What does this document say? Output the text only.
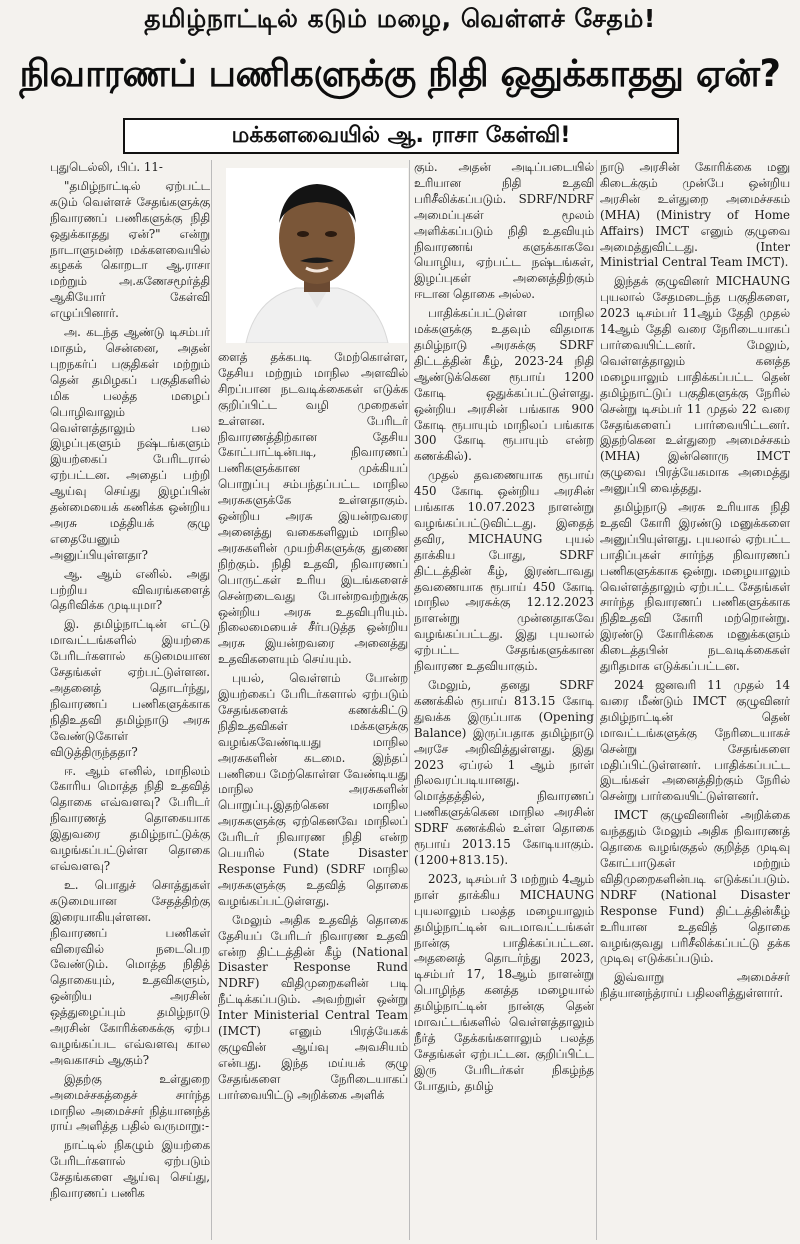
தமிழ்நாட்டில் கடும் மழை, வெள்ளச் சேதம்!
நிவாரணப் பணிகளுக்கு நிதி ஒதுக்காதது ஏன்?
மக்களவையில் ஆ. ராசா கேள்வி!

புதுடெல்லி, பிப். 11-

"தமிழ்நாட்டில் ஏற்பட்ட கடும் வெள்ளச் சேதங்களுக்கு நிவாரணப் பணிகளுக்கு நிதி ஒதுக்காதது ஏன்?" என்று நாடாளுமன்ற மக்களவையில் கழகக் கொறடா ஆ.ராசா மற்றும் அ.கணேசமூர்த்தி ஆகியோர் கேள்வி எழுப்பினார்.

அ. கடந்த ஆண்டு டிசம்பர் மாதம், சென்னை, அதன் புறநகர்ப் பகுதிகள் மற்றும் தென் தமிழகப் பகுதிகளில் மிக பலத்த மழைப் பொழிவாலும் வெள்ளத்தாலும் பல இழப்புகளும் நஷ்டங்களும் இயற்கைப் பேரிடரால் ஏற்பட்டன. அதைப் பற்றி ஆய்வு செய்து இழப்பின் தன்மையைக் கணிக்க ஒன்றிய அரசு மத்தியக் குழு எதையேனும் அனுப்பியுள்ளதா?

ஆ. ஆம் எனில். அது பற்றிய விவரங்களைத் தெரிவிக்க முடியுமா?

இ. தமிழ்நாட்டின் எட்டு மாவட்டங்களில் இயற்கை பேரிடர்களால் கடுமையான சேதங்கள் ஏற்பட்டுள்ளன. அதனைத் தொடர்ந்து, நிவாரணப் பணிகளுக்காக நிதிஉதவி தமிழ்நாடு அரசு வேண்டுகோள் விடுத்திருந்ததா?

ஈ. ஆம் எனில், மாநிலம் கோரிய மொத்த நிதி உதவித் தொகை எவ்வளவு? பேரிடர் நிவாரணத் தொகையாக இதுவரை தமிழ்நாட்டுக்கு வழங்கப்பட்டுள்ள தொகை எவ்வளவு?

உ. பொதுச் சொத்துகள் கடுமையான சேதத்திற்கு இரையாகியுள்ளன. நிவாரணப் பணிகள் விரைவில் நடைபெற வேண்டும். மொத்த நிதித் தொகையும், உதவிகளும், ஒன்றிய அரசின் ஒத்துழைப்பும் தமிழ்நாடு அரசின் கோரிக்கைக்கு ஏற்ப வழங்கப்பட எவ்வளவு கால அவகாசம் ஆகும்?

இதற்கு உள்துறை அமைச்சகத்தைச் சார்ந்த மாநில அமைச்சர் நித்யானந்த் ராய் அளித்த பதில் வருமாறு:-

நாட்டில் நிகழும் இயற்கை பேரிடர்களால் ஏற்படும் சேதங்களை ஆய்வு செய்து, நிவாரணப் பணிக

ளைத் தக்கபடி மேற்கொள்ள, தேசிய மற்றும் மாநில அளவில் சிறப்பான நடவடிக்கைகள் எடுக்க குறிப்பிட்ட வழி முறைகள் உள்ளன. பேரிடர் நிவாரணத்திற்கான தேசிய கோட்பாட்டின்படி, நிவாரணப் பணிகளுக்கான முக்கியப் பொறுப்பு சம்பந்தப்பட்ட மாநில அரசுகளுக்கே உள்ளதாகும். ஒன்றிய அரசு இயன்றவரை அனைத்து வகைகளிலும் மாநில அரசுகளின் முயற்சிகளுக்கு துணை நிற்கும். நிதி உதவி, நிவாரணப் பொருட்கள் உரிய இடங்களைச் சென்றடைவது போன்றவற்றுக்கு ஒன்றிய அரசு உதவிபுரியும். நிலைமையைச் சீர்படுத்த ஒன்றிய அரசு இயன்றவரை அனைத்து உதவிகளையும் செய்யும்.

புயல், வெள்ளம் போன்ற இயற்கைப் பேரிடர்களால் ஏற்படும் சேதங்களைக் கணக்கிட்டு நிதிஉதவிகள் மக்களுக்கு வழங்கவேண்டியது மாநில அரசுகளின் கடமை. இந்தப் பணியை மேற்கொள்ள வேண்டியது மாநில அரசுகளின் பொறுப்பு.இதற்கென மாநில அரசுகளுக்கு ஏற்கெனவே மாநிலப் பேரிடர் நிவாரண நிதி என்ற பெயரில் (State Disaster Response Fund) (SDRF மாநில அரசுகளுக்கு உதவித் தொகை வழங்கப்பட்டுள்ளது.

மேலும் அதிக உதவித் தொகை தேசியப் பேரிடர் நிவாரண உதவி என்ற திட்டத்தின் கீழ் (National Disaster Response Rund NDRF) விதிமுறைகளின் படி நீட்டிக்கப்படும். அவற்றுள் ஒன்று Inter Ministerial Central Team (IMCT) எனும் பிரத்யேகக் குழுவின் ஆய்வு அவசியம் என்பது. இந்த மய்யக் குழு சேதங்களை நேரிடையாகப் பார்வையிட்டு அறிக்கை அளிக்

கும். அதன் அடிப்படையில் உரியான நிதி உதவி பரிசீலிக்கப்படும். SDRF/NDRF அமைப்புகள் மூலம் அளிக்கப்படும் நிதி உதவியும் நிவாரணங் களுக்காகவே யொழிய, ஏற்பட்ட நஷ்டங்கள், இழப்புகள் அனைத்திற்கும் ஈடான தொகை அல்ல.

பாதிக்கப்பட்டுள்ள மாநில மக்களுக்கு உதவும் விதமாக தமிழ்நாடு அரசுக்கு SDRF திட்டத்தின் கீழ், 2023-24 நிதி ஆண்டுக்கென ரூபாய் 1200 கோடி ஒதுக்கப்பட்டுள்ளது. ஒன்றிய அரசின் பங்காக 900 கோடி ரூபாயும் மாநிலப் பங்காக 300 கோடி ரூபாயும் என்ற கணக்கில்).

முதல் தவணையாக ரூபாய் 450 கோடி ஒன்றிய அரசின் பங்காக 10.07.2023 நாளன்று வழங்கப்பட்டுவிட்டது. இதைத் தவிர, MICHAUNG புயல் தாக்கிய போது, SDRF திட்டத்தின் கீழ், இரண்டாவது தவணையாக ரூபாய் 450 கோடி மாநில அரசுக்கு 12.12.2023 நாளன்று முன்னதாகவே வழங்கப்பட்டது. இது புயலால் ஏற்பட்ட சேதங்களுக்கான நிவாரண உதவியாகும்.

மேலும், தனது SDRF கணக்கில் ரூபாய் 813.15 கோடி துவக்க இருப்பாக (Opening Balance) இருப்பதாக தமிழ்நாடு அரசே அறிவித்துள்ளது. இது 2023 ஏப்ரல் 1 ஆம் நாள் நிலவரப்படியானது. மொத்தத்தில், நிவாரணப் பணிகளுக்கென மாநில அரசின் SDRF கணக்கில் உள்ள தொகை ரூபாய் 2013.15 கோடியாகும். (1200+813.15).

2023, டிசம்பர் 3 மற்றும் 4ஆம் நாள் தாக்கிய MICHAUNG புயலாலும் பலத்த மழையாலும் தமிழ்நாட்டின் வடமாவட்டங்கள் நான்கு பாதிக்கப்பட்டன. அதனைத் தொடர்ந்து 2023, டிசம்பர் 17, 18ஆம் நாளன்று பொழிந்த கனத்த மழையால் தமிழ்நாட்டின் நான்கு தென் மாவட்டங்களில் வெள்ளத்தாலும் நீர்த் தேக்கங்களாலும் பலத்த சேதங்கள் ஏற்பட்டன. குறிப்பிட்ட இரு பேரிடர்கள் நிகழ்ந்த போதும், தமிழ்

நாடு அரசின் கோரிக்கை மனு கிடைக்கும் முன்பே ஒன்றிய அரசின் உள்துறை அமைச்சகம் (MHA) (Ministry of Home Affairs) IMCT எனும் குழுவை அமைத்துவிட்டது. (Inter Ministrial Central Team IMCT).

இந்தக் குழுவினர் MICHAUNG புயலால் சேதமடைந்த பகுதிகளை, 2023 டிசம்பர் 11ஆம் தேதி முதல் 14ஆம் தேதி வரை நேரிடையாகப் பார்வையிட்டனர். மேலும், வெள்ளத்தாலும் கனத்த மழையாலும் பாதிக்கப்பட்ட தென் தமிழ்நாட்டுப் பகுதிகளுக்கு நேரில் சென்று டிசம்பர் 11 முதல் 22 வரை சேதங்களைப் பார்வையிட்டனர். இதற்கென உள்துறை அமைச்சகம் (MHA) இன்னொரு IMCT குழுவை பிரத்யேகமாக அமைத்து அனுப்பி வைத்தது.

தமிழ்நாடு அரசு உரியாக நிதி உதவி கோரி இரண்டு மனுக்களை அனுப்பியுள்ளது. புயலால் ஏற்பட்ட பாதிப்புகள் சார்ந்த நிவாரணப் பணிகளுக்காக ஒன்று. மழையாலும் வெள்ளத்தாலும் ஏற்பட்ட சேதங்கள் சார்ந்த நிவாரணப் பணிகளுக்காக நிதிஉதவி கோரி மற்றொன்று. இரண்டு கோரிக்கை மனுக்களும் கிடைத்தபின் நடவடிக்கைகள் துரிதமாக எடுக்கப்பட்டன.

2024 ஜனவரி 11 முதல் 14 வரை மீண்டும் IMCT குழுவினர் தமிழ்நாட்டின் தென் மாவட்டங்களுக்கு நேரிடையாகச் சென்று சேதங்களை மதிப்பிட்டுள்ளனர். பாதிக்கப்பட்ட இடங்கள் அனைத்திற்கும் நேரில் சென்று பார்வையிட்டுள்ளனர்.

IMCT குழுவினரின் அறிக்கை வந்ததும் மேலும் அதிக நிவாரணத் தொகை வழங்குதல் குறித்த முடிவு கோட்பாடுகள் மற்றும் விதிமுறைகளின்படி எடுக்கப்படும். NDRF (National Disaster Response Fund) திட்டத்தின்கீழ் உரியான உதவித் தொகை வழங்குவது பரிசீலிக்கப்பட்டு தக்க முடிவு எடுக்கப்படும்.

இவ்வாறு அமைச்சர் நித்யானந்த்ராய் பதிலளித்துள்ளார்.
